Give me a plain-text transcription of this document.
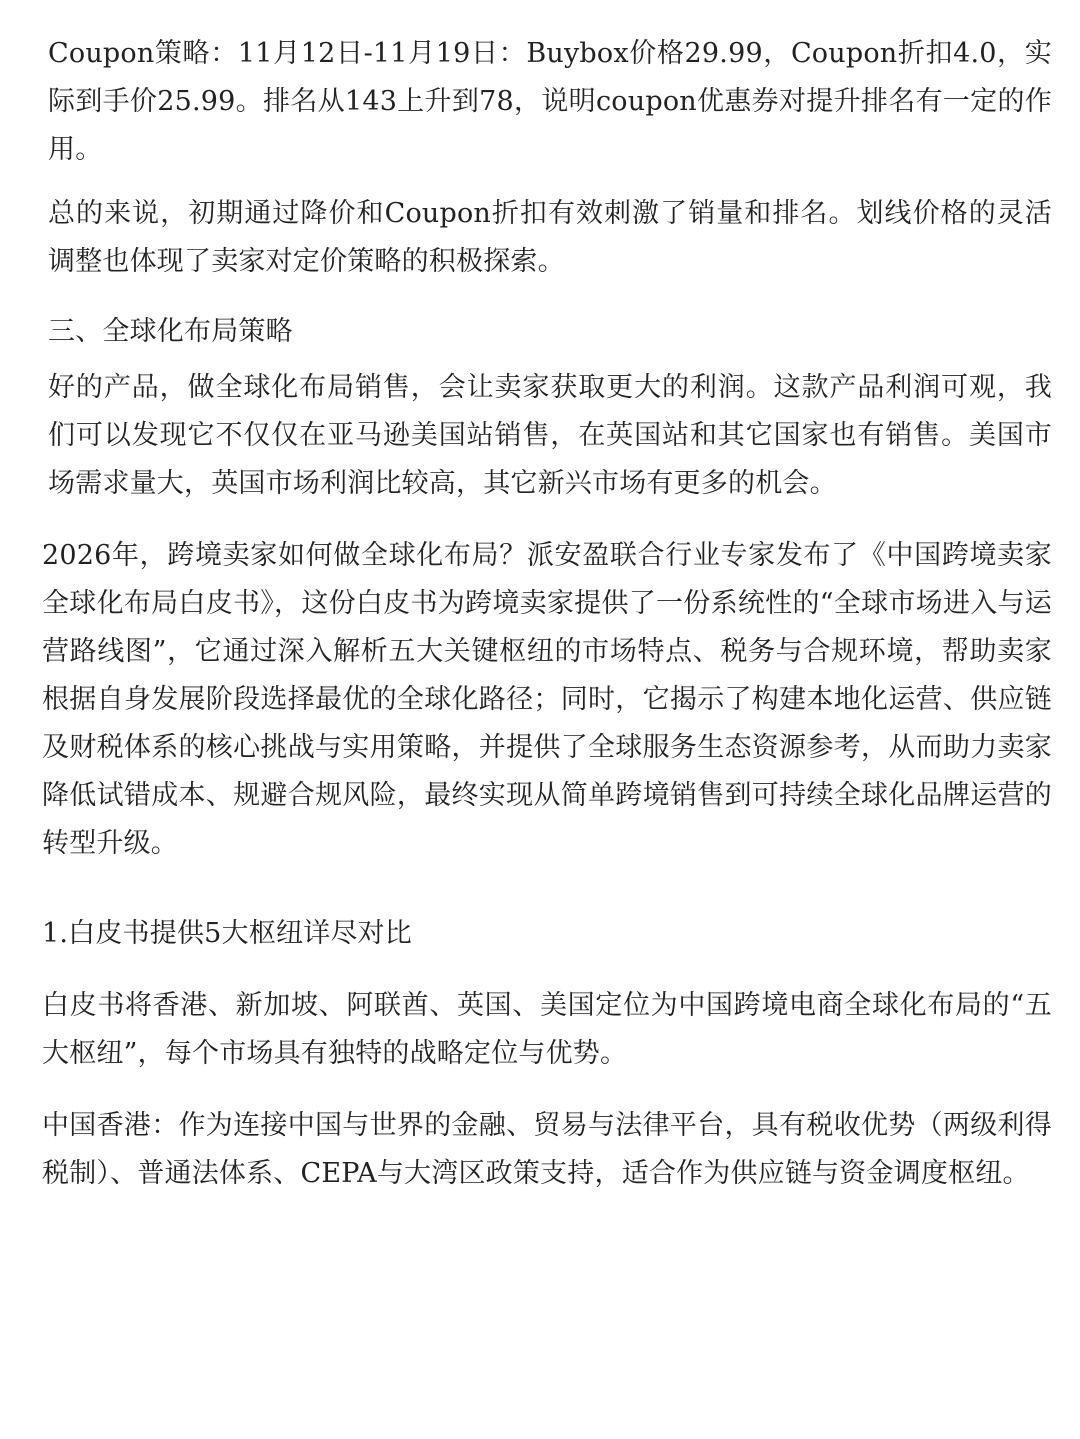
Coupon策略：11月12日-11月19日：Buybox价格29.99，Coupon折扣4.0，实际到手价25.99。排名从143上升到78，说明coupon优惠券对提升排名有一定的作用。

总的来说，初期通过降价和Coupon折扣有效刺激了销量和排名。划线价格的灵活调整也体现了卖家对定价策略的积极探索。

三、全球化布局策略

好的产品，做全球化布局销售，会让卖家获取更大的利润。这款产品利润可观，我们可以发现它不仅仅在亚马逊美国站销售，在英国站和其它国家也有销售。美国市场需求量大，英国市场利润比较高，其它新兴市场有更多的机会。

2026年，跨境卖家如何做全球化布局？派安盈联合行业专家发布了《中国跨境卖家全球化布局白皮书》，这份白皮书为跨境卖家提供了一份系统性的“全球市场进入与运营路线图”，它通过深入解析五大关键枢纽的市场特点、税务与合规环境，帮助卖家根据自身发展阶段选择最优的全球化路径；同时，它揭示了构建本地化运营、供应链及财税体系的核心挑战与实用策略，并提供了全球服务生态资源参考，从而助力卖家降低试错成本、规避合规风险，最终实现从简单跨境销售到可持续全球化品牌运营的转型升级。

1.白皮书提供5大枢纽详尽对比

白皮书将香港、新加坡、阿联酋、英国、美国定位为中国跨境电商全球化布局的“五大枢纽”，每个市场具有独特的战略定位与优势。

中国香港：作为连接中国与世界的金融、贸易与法律平台，具有税收优势（两级利得税制）、普通法体系、CEPA与大湾区政策支持，适合作为供应链与资金调度枢纽。
